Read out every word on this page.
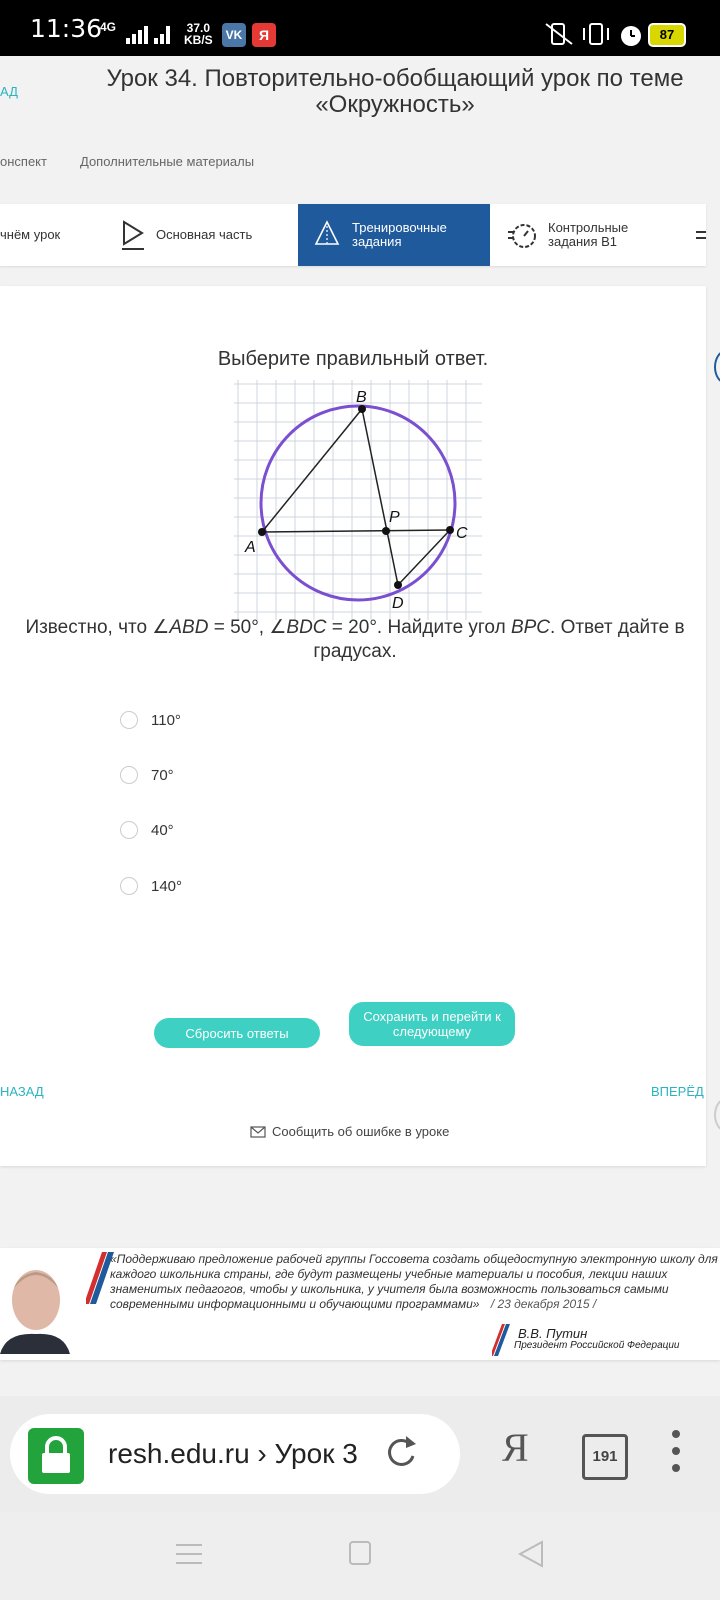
11:36
4G	37.0
KB/S	VK	Я	87
АД	Урок 34. Повторительно-обобщающий урок по теме «Окружность»
онспект	Дополнительные материалы
чнём урок	Основная часть	Тренировочные задания
Контрольные задания В1
Выберите правильный ответ.
B
P
A
C
D
Известно, что ∠ABD = 50°, ∠BDC = 20°. Найдите угол BPC. Ответ дайте в градусах.
110°
70°
40°
140°
Сбросить ответы
Сохранить и перейти к следующему
НАЗАД	ВПЕРЁД
Сообщить об ошибке в уроке
«Поддерживаю предложение рабочей группы Госсовета создать общедоступную электронную школу для каждого школьника страны, где будут размещены учебные материалы и пособия, лекции наших знаменитых педагогов, чтобы у школьника, у учителя была возможность пользоваться самыми современными информационными и обучающими программами» / 23 декабря 2015 /
В.В. Путин
Президент Российской Федерации
resh.edu.ru › Урок 3	Я	191
